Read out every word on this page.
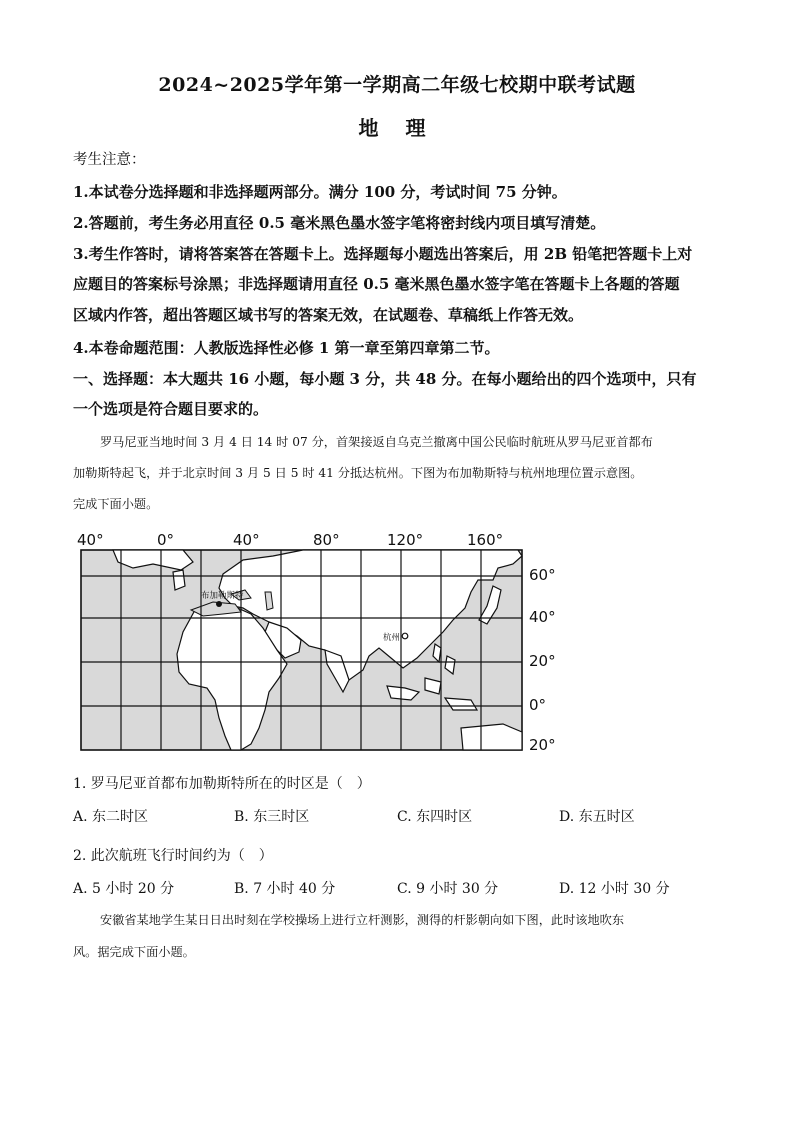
2024~2025学年第一学期高二年级七校期中联考试题
地 理
考生注意：
1.本试卷分选择题和非选择题两部分。满分 100 分，考试时间 75 分钟。
2.答题前，考生务必用直径 0.5 毫米黑色墨水签字笔将密封线内项目填写清楚。
3.考生作答时，请将答案答在答题卡上。选择题每小题选出答案后，用 2B 铅笔把答题卡上对
应题目的答案标号涂黑；非选择题请用直径 0.5 毫米黑色墨水签字笔在答题卡上各题的答题
区域内作答，超出答题区域书写的答案无效，在试题卷、草稿纸上作答无效。
4.本卷命题范围：人教版选择性必修 1 第一章至第四章第二节。
一、选择题：本大题共 16 小题，每小题 3 分，共 48 分。在每小题给出的四个选项中，只有
一个选项是符合题目要求的。
罗马尼亚当地时间 3 月 4 日 14 时 07 分，首架接返自乌克兰撤离中国公民临时航班从罗马尼亚首都布
加勒斯特起飞，并于北京时间 3 月 5 日 5 时 41 分抵达杭州。下图为布加勒斯特与杭州地理位置示意图。
完成下面小题。
40°	0°	40°	80°	120°	160°
60°
40°
20°
0°
20°
布加勒斯特
杭州
1. 罗马尼亚首都布加勒斯特所在的时区是（　）
A. 东二时区	B. 东三时区	C. 东四时区	D. 东五时区
2. 此次航班飞行时间约为（　）
A. 5 小时 20 分	B. 7 小时 40 分	C. 9 小时 30 分	D. 12 小时 30 分
安徽省某地学生某日日出时刻在学校操场上进行立杆测影，测得的杆影朝向如下图，此时该地吹东
风。据完成下面小题。
